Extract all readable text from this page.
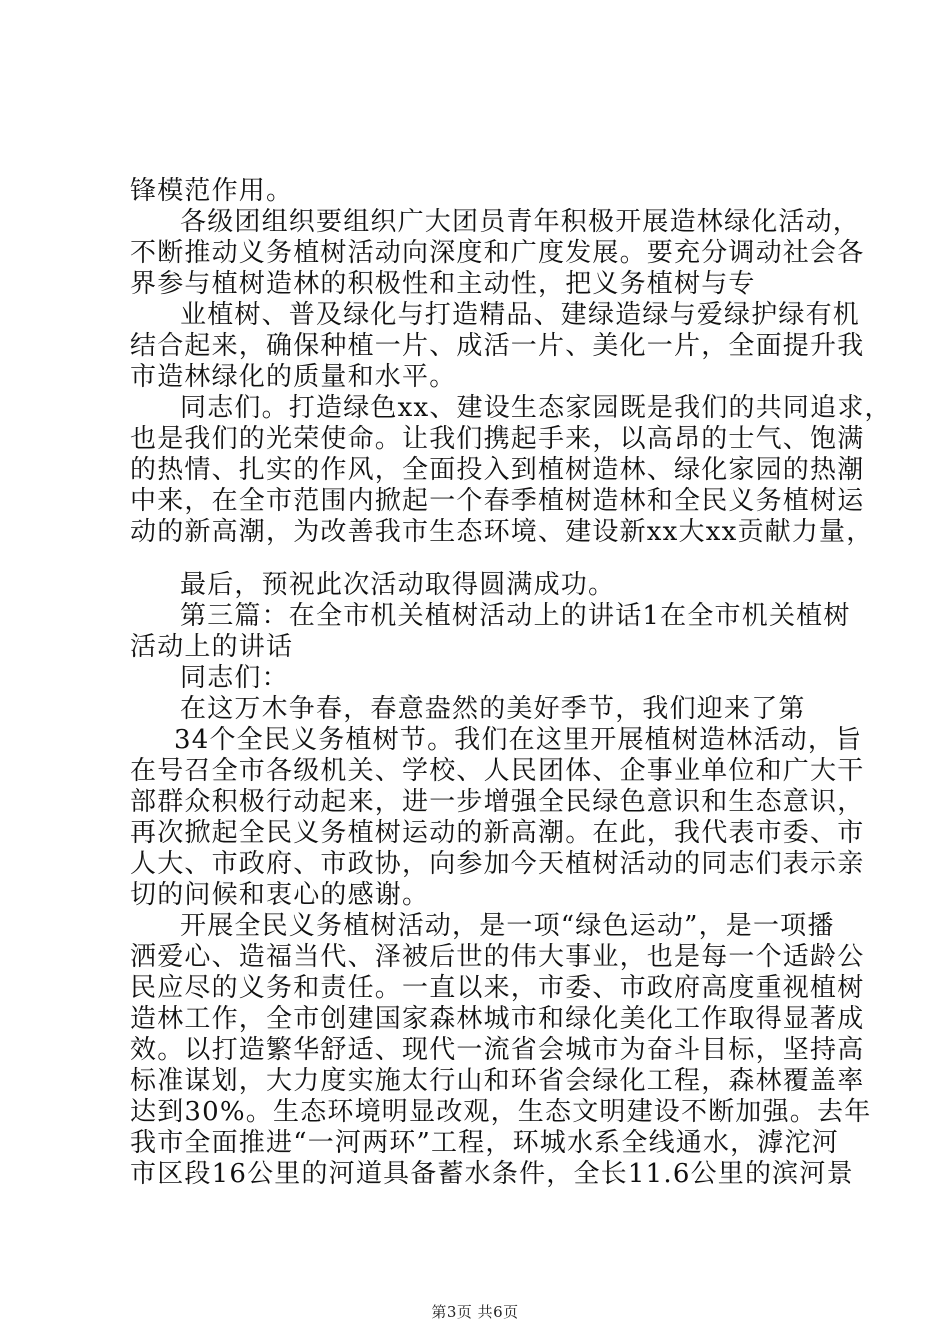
锋模范作用。
各级团组织要组织广大团员青年积极开展造林绿化活动，
不断推动义务植树活动向深度和广度发展。要充分调动社会各
界参与植树造林的积极性和主动性，把义务植树与专
业植树、普及绿化与打造精品、建绿造绿与爱绿护绿有机
结合起来，确保种植一片、成活一片、美化一片，全面提升我
市造林绿化的质量和水平。
同志们。打造绿色xx、建设生态家园既是我们的共同追求，
也是我们的光荣使命。让我们携起手来，以高昂的士气、饱满
的热情、扎实的作风，全面投入到植树造林、绿化家园的热潮
中来，在全市范围内掀起一个春季植树造林和全民义务植树运
动的新高潮，为改善我市生态环境、建设新xx大xx贡献力量，
最后，预祝此次活动取得圆满成功。
第三篇：在全市机关植树活动上的讲话1在全市机关植树
活动上的讲话
同志们：
在这万木争春，春意盎然的美好季节，我们迎来了第
34个全民义务植树节。我们在这里开展植树造林活动，旨
在号召全市各级机关、学校、人民团体、企事业单位和广大干
部群众积极行动起来，进一步增强全民绿色意识和生态意识，
再次掀起全民义务植树运动的新高潮。在此，我代表市委、市
人大、市政府、市政协，向参加今天植树活动的同志们表示亲
切的问候和衷心的感谢。
开展全民义务植树活动，是一项“绿色运动”，是一项播
洒爱心、造福当代、泽被后世的伟大事业，也是每一个适龄公
民应尽的义务和责任。一直以来，市委、市政府高度重视植树
造林工作，全市创建国家森林城市和绿化美化工作取得显著成
效。以打造繁华舒适、现代一流省会城市为奋斗目标，坚持高
标准谋划，大力度实施太行山和环省会绿化工程，森林覆盖率
达到30%。生态环境明显改观，生态文明建设不断加强。去年
我市全面推进“一河两环”工程，环城水系全线通水，滹沱河
市区段16公里的河道具备蓄水条件，全长11.6公里的滨河景
第3页 共6页
